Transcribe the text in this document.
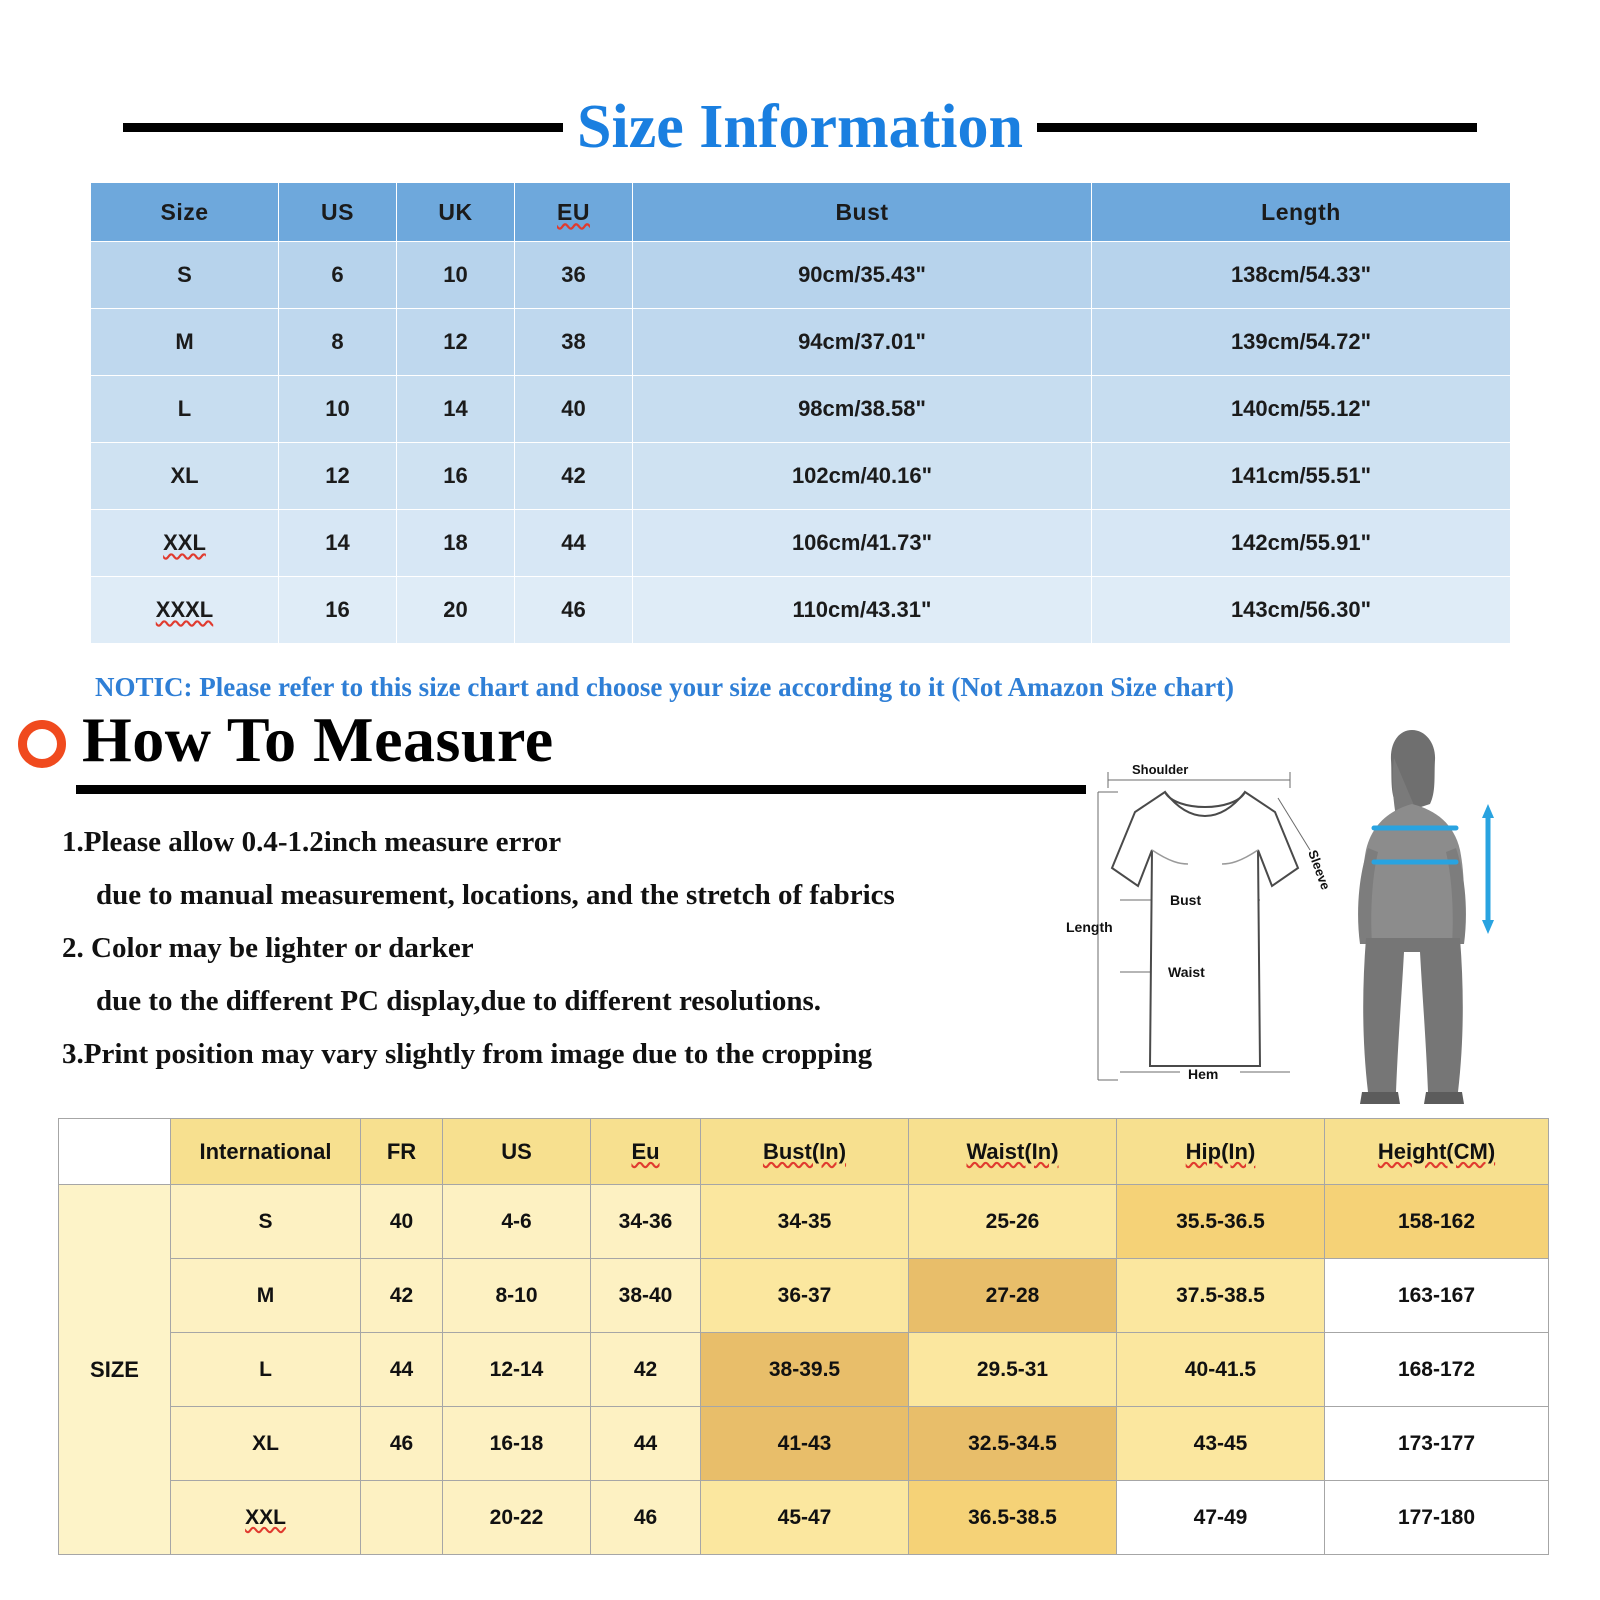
Size Information
Size	US	UK	EU	Bust	Length
S	6	10	36	90cm/35.43"	138cm/54.33"
M	8	12	38	94cm/37.01"	139cm/54.72"
L	10	14	40	98cm/38.58"	140cm/55.12"
XL	12	16	42	102cm/40.16"	141cm/55.51"
XXL	14	18	44	106cm/41.73"	142cm/55.91"
XXXL	16	20	46	110cm/43.31"	143cm/56.30"
NOTIC: Please refer to this size chart and choose your size according to it (Not Amazon Size chart)
How To Measure

1.Please allow 0.4-1.2inch measure error

due to manual measurement, locations, and the stretch of fabrics

2. Color may be lighter or darker

due to the different PC display,due to different resolutions.

3.Print position may vary slightly from image due to the cropping

Shoulder
Length
Bust
Waist
Hem
Sleeve
	International	FR	US	Eu	Bust(In)	Waist(In)	Hip(In)	Height(CM)
SIZE	S	40	4-6	34-36	34-35	25-26	35.5-36.5	158-162
	M	42	8-10	38-40	36-37	27-28	37.5-38.5	163-167
	L	44	12-14	42	38-39.5	29.5-31	40-41.5	168-172
	XL	46	16-18	44	41-43	32.5-34.5	43-45	173-177
	XXL		20-22	46	45-47	36.5-38.5	47-49	177-180
